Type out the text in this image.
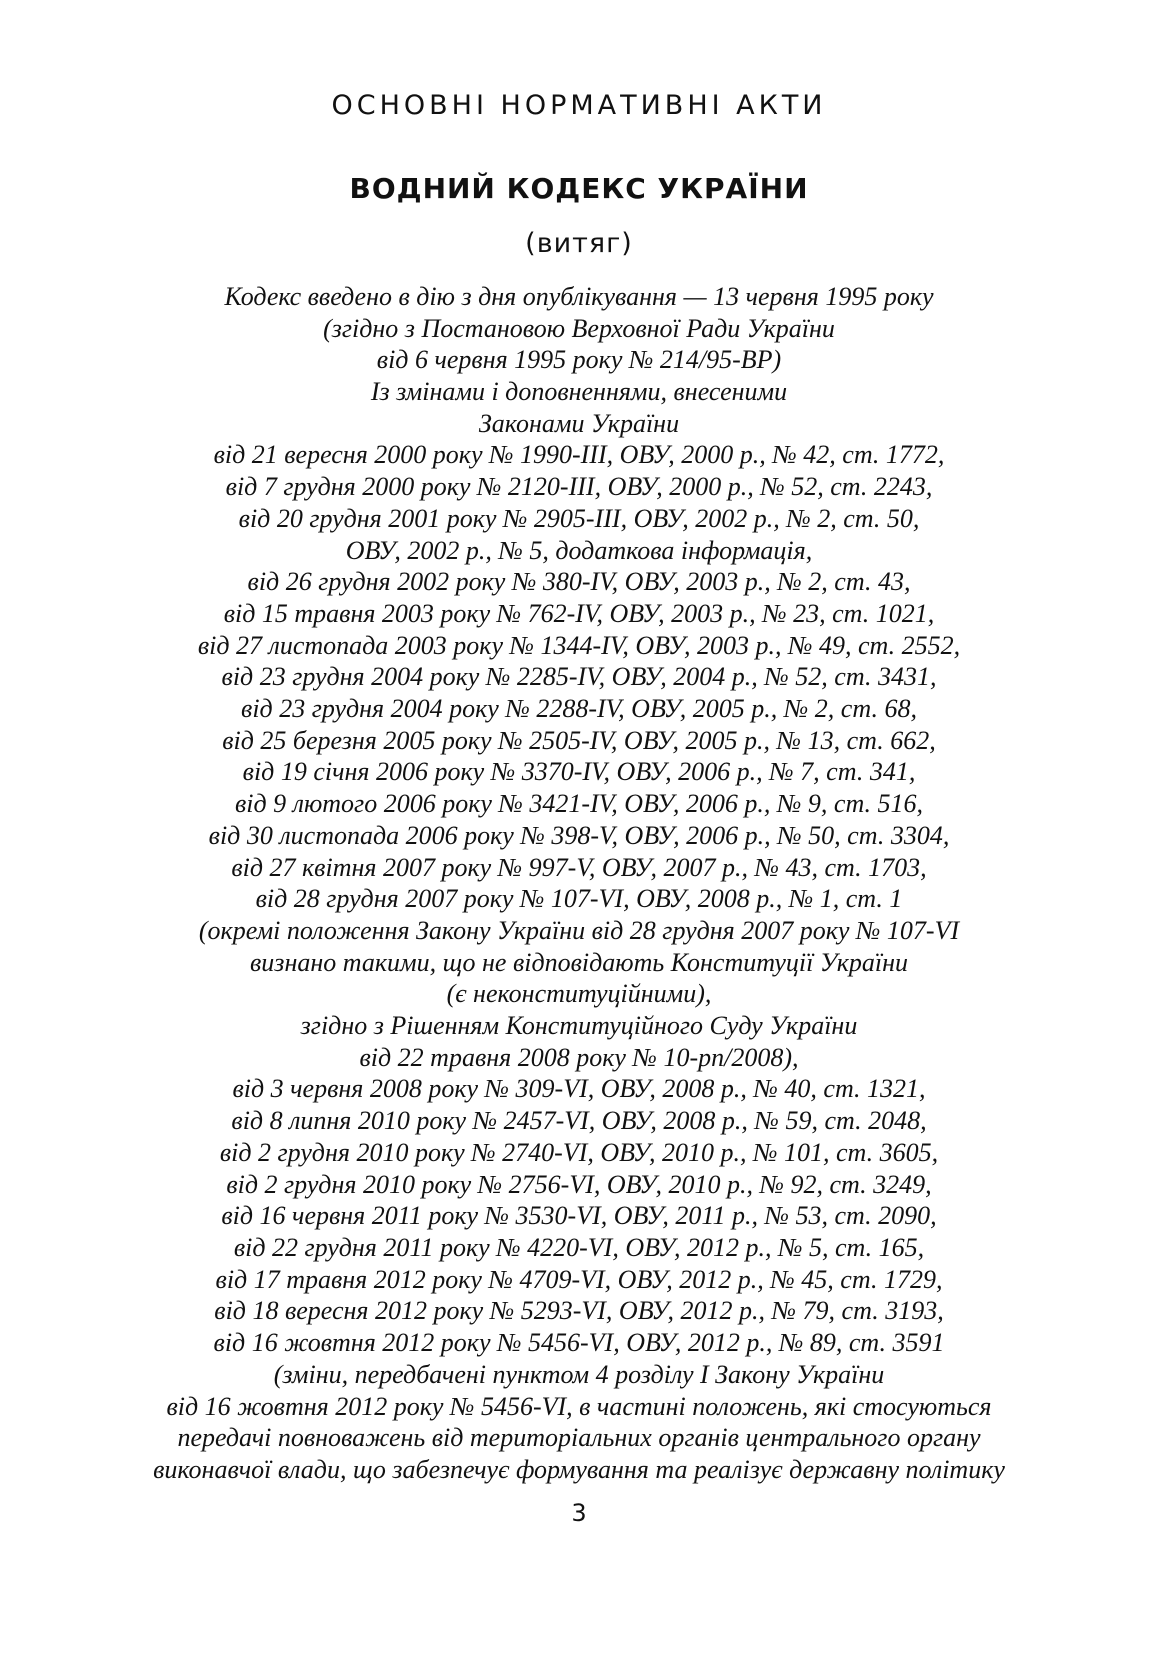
ОСНОВНІ НОРМАТИВНІ АКТИ
ВОДНИЙ КОДЕКС УКРАЇНИ
(витяг)
Кодекс введено в дію з дня опублікування — 13 червня 1995 року
(згідно з Постановою Верховної Ради України
від 6 червня 1995 року № 214/95-ВР)
Із змінами і доповненнями, внесеними
Законами України
від 21 вересня 2000 року № 1990-ІІІ, ОВУ, 2000 р., № 42, ст. 1772,
від 7 грудня 2000 року № 2120-ІІІ, ОВУ, 2000 р., № 52, ст. 2243,
від 20 грудня 2001 року № 2905-ІІІ, ОВУ, 2002 р., № 2, ст. 50,
ОВУ, 2002 р., № 5, додаткова інформація,
від 26 грудня 2002 року № 380-IV, ОВУ, 2003 р., № 2, ст. 43,
від 15 травня 2003 року № 762-IV, ОВУ, 2003 р., № 23, ст. 1021,
від 27 листопада 2003 року № 1344-IV, ОВУ, 2003 р., № 49, ст. 2552,
від 23 грудня 2004 року № 2285-IV, ОВУ, 2004 р., № 52, ст. 3431,
від 23 грудня 2004 року № 2288-IV, ОВУ, 2005 р., № 2, ст. 68,
від 25 березня 2005 року № 2505-IV, ОВУ, 2005 р., № 13, ст. 662,
від 19 січня 2006 року № 3370-IV, ОВУ, 2006 р., № 7, ст. 341,
від 9 лютого 2006 року № 3421-IV, ОВУ, 2006 р., № 9, ст. 516,
від 30 листопада 2006 року № 398-V, ОВУ, 2006 р., № 50, ст. 3304,
від 27 квітня 2007 року № 997-V, ОВУ, 2007 р., № 43, ст. 1703,
від 28 грудня 2007 року № 107-VI, ОВУ, 2008 р., № 1, ст. 1
(окремі положення Закону України від 28 грудня 2007 року № 107-VI
визнано такими, що не відповідають Конституції України
(є неконституційними),
згідно з Рішенням Конституційного Суду України
від 22 травня 2008 року № 10-рп/2008),
від 3 червня 2008 року № 309-VI, ОВУ, 2008 р., № 40, ст. 1321,
від 8 липня 2010 року № 2457-VI, ОВУ, 2008 р., № 59, ст. 2048,
від 2 грудня 2010 року № 2740-VI, ОВУ, 2010 р., № 101, ст. 3605,
від 2 грудня 2010 року № 2756-VI, ОВУ, 2010 р., № 92, ст. 3249,
від 16 червня 2011 року № 3530-VI, ОВУ, 2011 р., № 53, ст. 2090,
від 22 грудня 2011 року № 4220-VI, ОВУ, 2012 р., № 5, ст. 165,
від 17 травня 2012 року № 4709-VI, ОВУ, 2012 р., № 45, ст. 1729,
від 18 вересня 2012 року № 5293-VI, ОВУ, 2012 р., № 79, ст. 3193,
від 16 жовтня 2012 року № 5456-VI, ОВУ, 2012 р., № 89, ст. 3591
(зміни, передбачені пунктом 4 розділу І Закону України
від 16 жовтня 2012 року № 5456-VI, в частині положень, які стосуються
передачі повноважень від територіальних органів центрального органу
виконавчої влади, що забезпечує формування та реалізує державну політику
3
